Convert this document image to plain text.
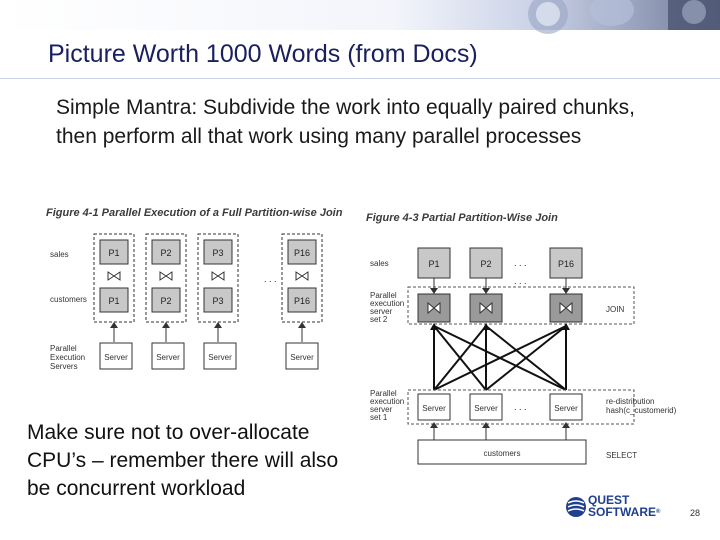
Picture Worth 1000 Words (from Docs)
Simple Mantra: Subdivide the work into equally paired chunks, then perform all that work using many parallel processes
Figure 4-1 Parallel Execution of a Full Partition-wise Join
sales
customers
Parallel Execution Servers
P1
P1
Server
P2
P2
Server
P3
P3
Server
. . .
P16
P16
Server
Figure 4-3 Partial Partition-Wise Join
sales	P1	P2 . . .	P16
. . .
Parallel execution server set 2
JOIN
Parallel execution server set 1
Server	Server . . .	Server
re-distribution hash(c_customerid)
customers	SELECT
Make sure not to over-allocate CPU’s – remember there will also be concurrent workload	QUEST
SOFTWARE®	28
